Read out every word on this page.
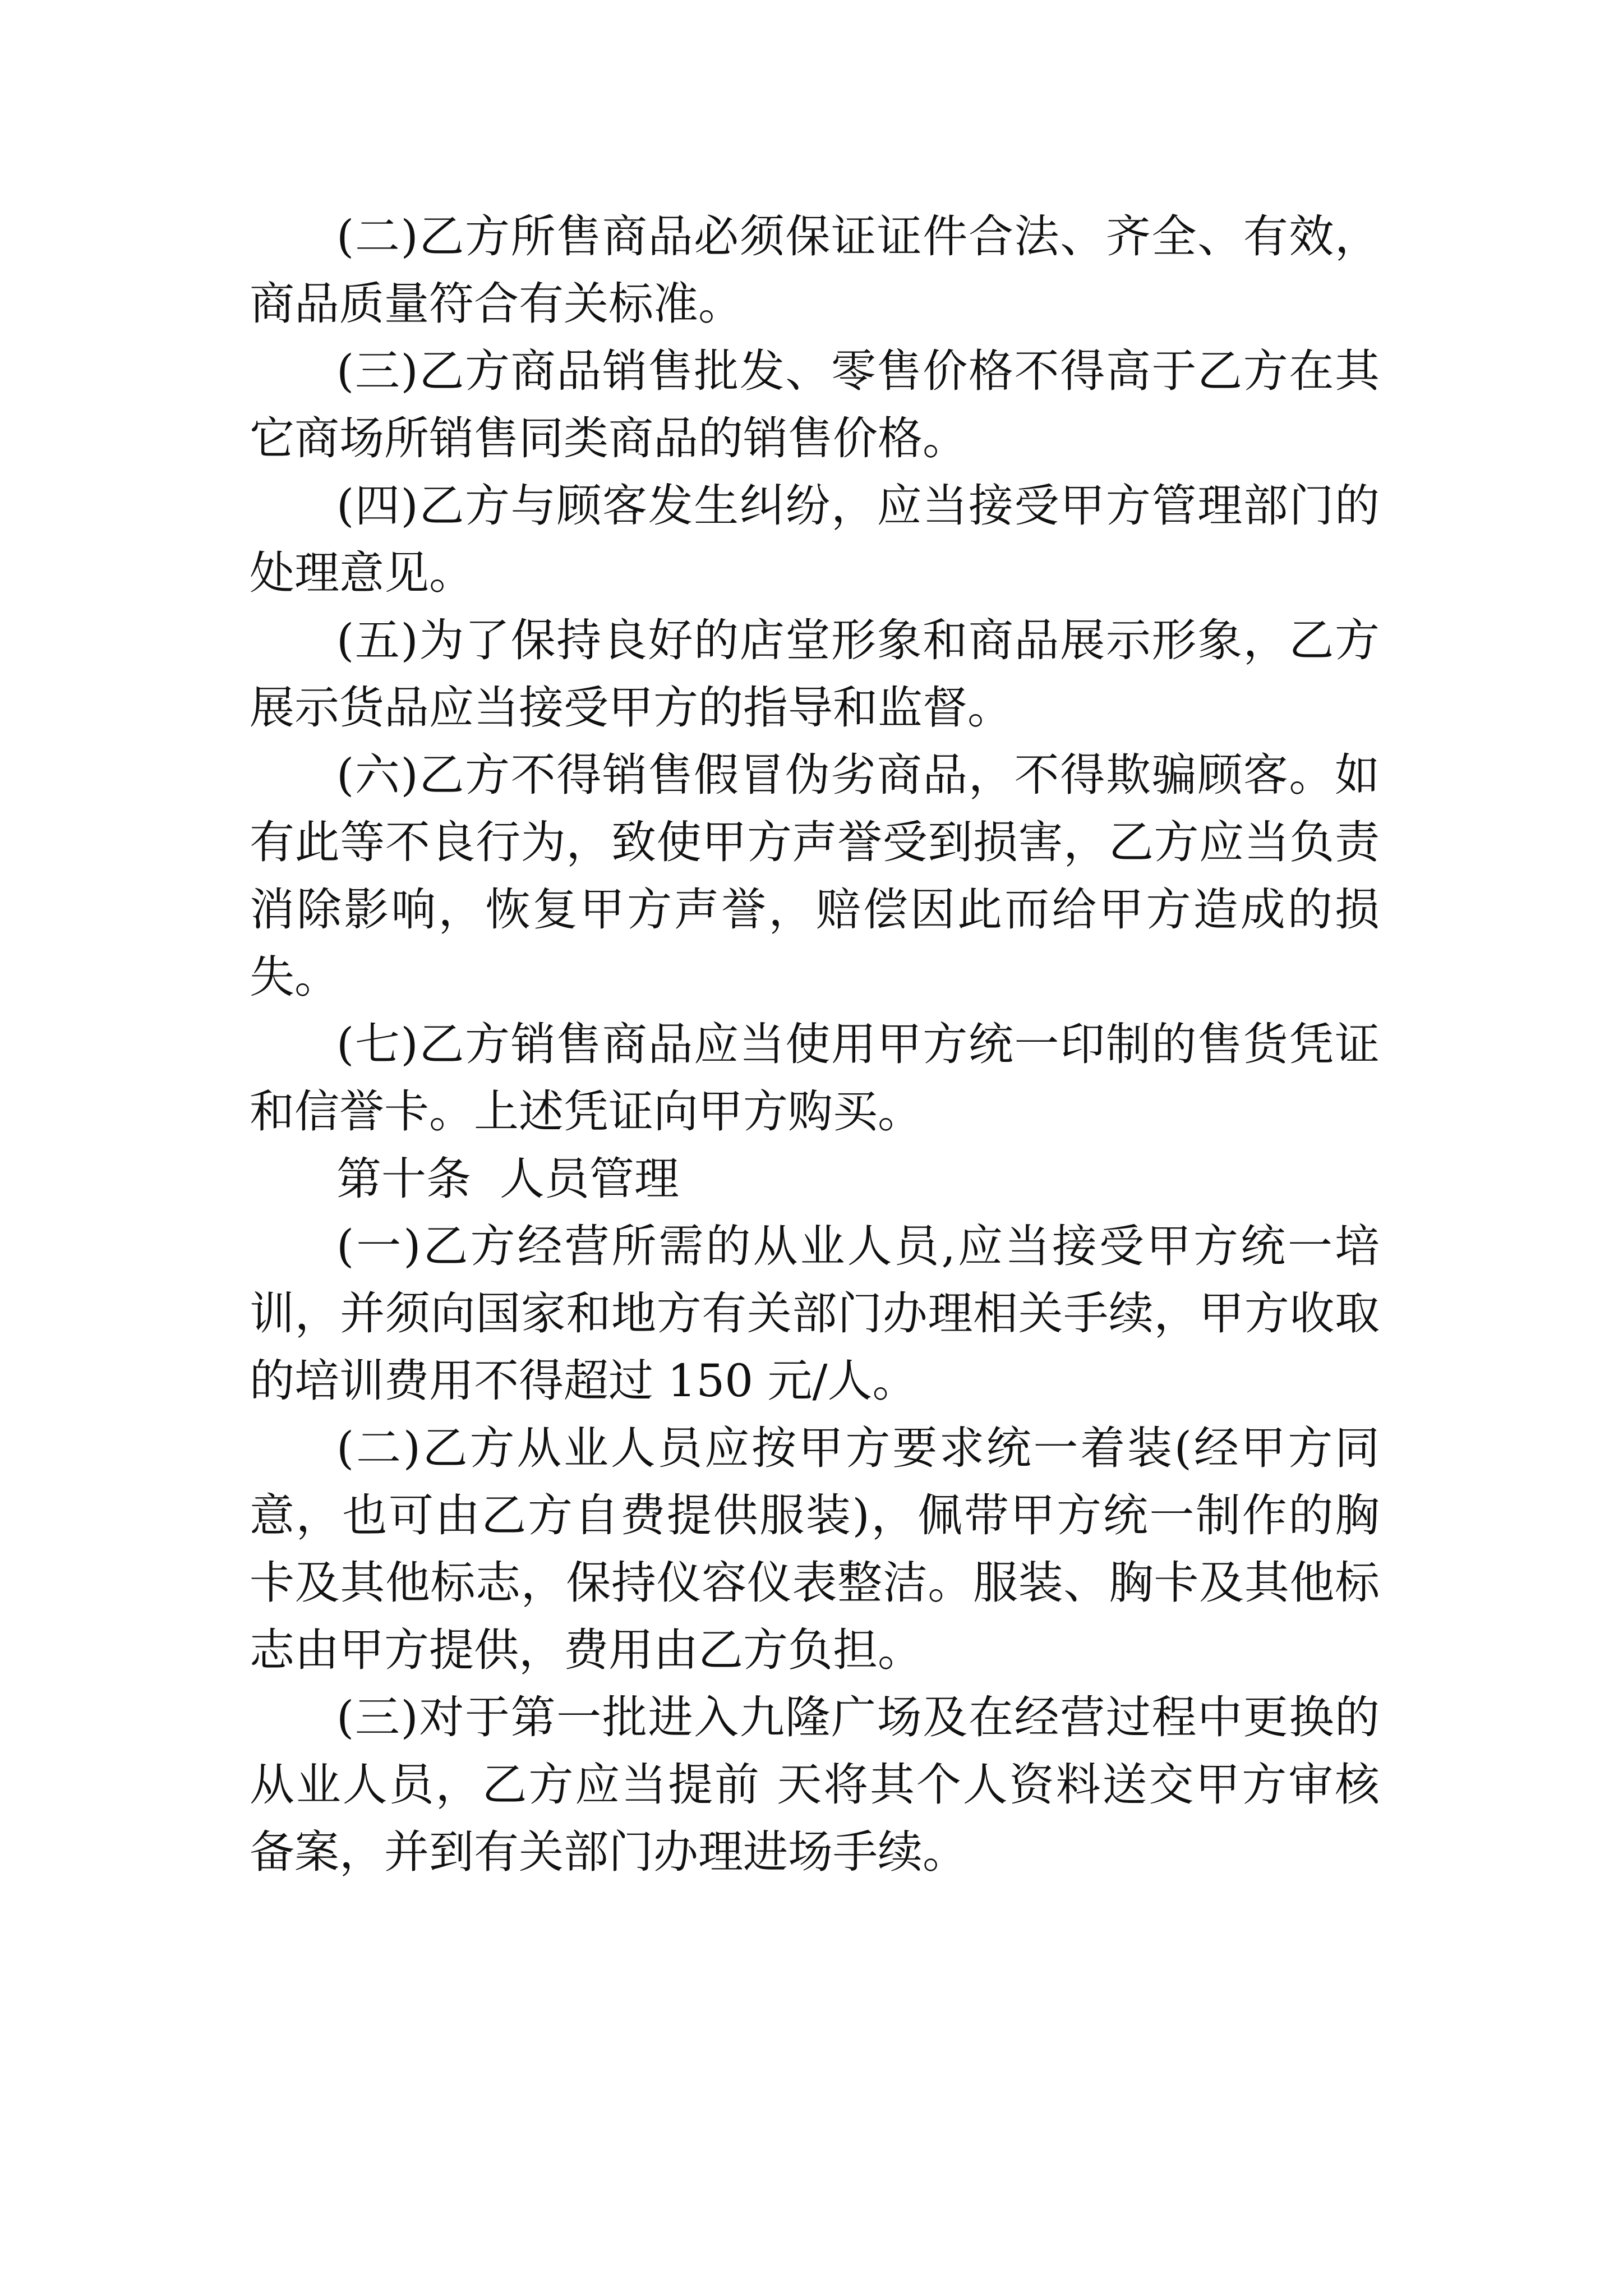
(二)乙方所售商品必须保证证件合法、齐全、有效，商品质量符合有关标准。

(三)乙方商品销售批发、零售价格不得高于乙方在其它商场所销售同类商品的销售价格。

(四)乙方与顾客发生纠纷，应当接受甲方管理部门的处理意见。

(五)为了保持良好的店堂形象和商品展示形象，乙方展示货品应当接受甲方的指导和监督。

(六)乙方不得销售假冒伪劣商品，不得欺骗顾客。如有此等不良行为，致使甲方声誉受到损害，乙方应当负责消除影响，恢复甲方声誉，赔偿因此而给甲方造成的损失。

(七)乙方销售商品应当使用甲方统一印制的售货凭证和信誉卡。上述凭证向甲方购买。

第十条  人员管理

(一)乙方经营所需的从业人员,应当接受甲方统一培训，并须向国家和地方有关部门办理相关手续，甲方收取的培训费用不得超过 150 元/人。

(二)乙方从业人员应按甲方要求统一着装(经甲方同意，也可由乙方自费提供服装)，佩带甲方统一制作的胸卡及其他标志，保持仪容仪表整洁。服装、胸卡及其他标志由甲方提供，费用由乙方负担。

(三)对于第一批进入九隆广场及在经营过程中更换的从业人员，乙方应当提前 天将其个人资料送交甲方审核备案，并到有关部门办理进场手续。
